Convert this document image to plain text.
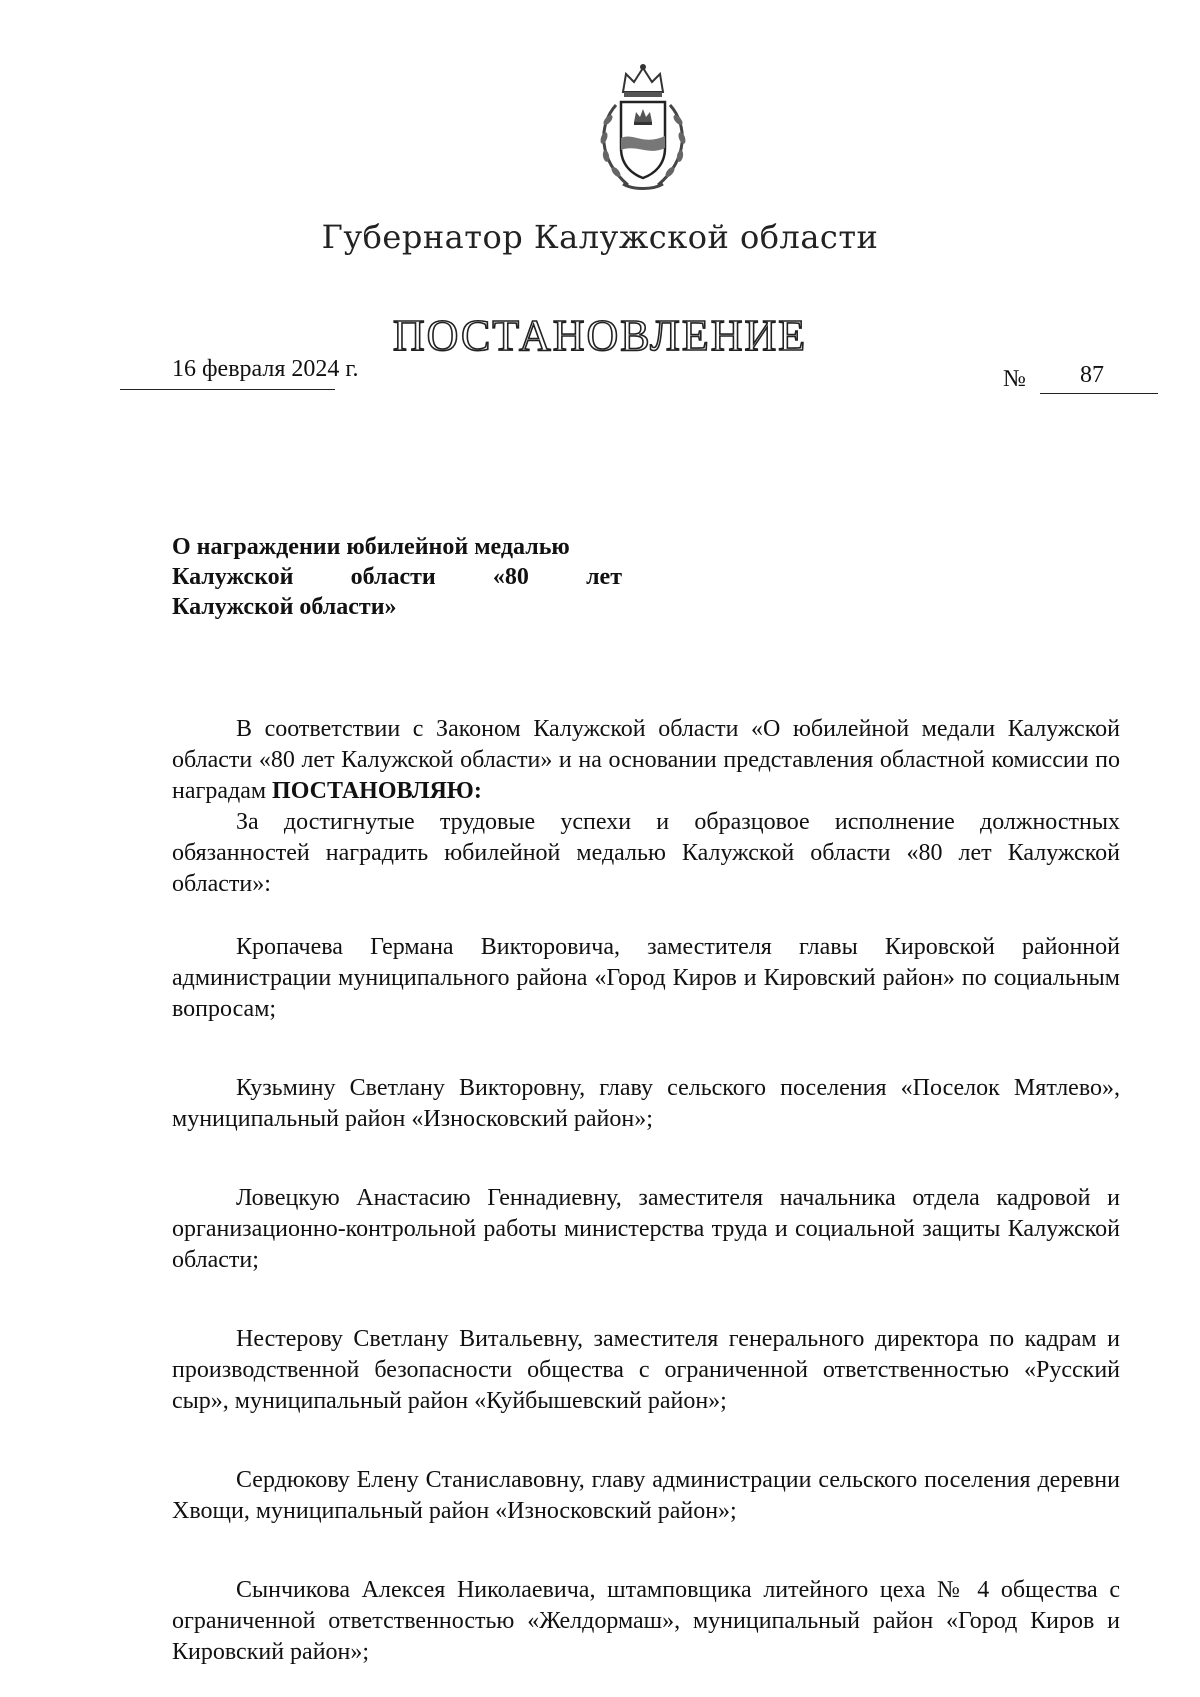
Губернатор Калужской области
ПОСТАНОВЛЕНИЕ
16 февраля 2024 г.	№ 87
О награждении юбилейной медалью
Калужской области «80 лет
Калужской области»

В соответствии с Законом Калужской области «О юбилейной медали Калужской области «80 лет Калужской области» и на основании представления областной комиссии по наградам ПОСТАНОВЛЯЮ:

За достигнутые трудовые успехи и образцовое исполнение должностных обязанностей наградить юбилейной медалью Калужской области «80 лет Калужской области»:

Кропачева Германа Викторовича, заместителя главы Кировской районной администрации муниципального района «Город Киров и Кировский район» по социальным вопросам;

Кузьмину Светлану Викторовну, главу сельского поселения «Поселок Мятлево», муниципальный район «Износковский район»;

Ловецкую Анастасию Геннадиевну, заместителя начальника отдела кадровой и организационно-контрольной работы министерства труда и социальной защиты Калужской области;

Нестерову Светлану Витальевну, заместителя генерального директора по кадрам и производственной безопасности общества с ограниченной ответственностью «Русский сыр», муниципальный район «Куйбышевский район»;

Сердюкову Елену Станиславовну, главу администрации сельского поселения деревни Хвощи, муниципальный район «Износковский район»;

Сынчикова Алексея Николаевича, штамповщика литейного цеха № 4 общества с ограниченной ответственностью «Желдормаш», муниципальный район «Город Киров и Кировский район»;
